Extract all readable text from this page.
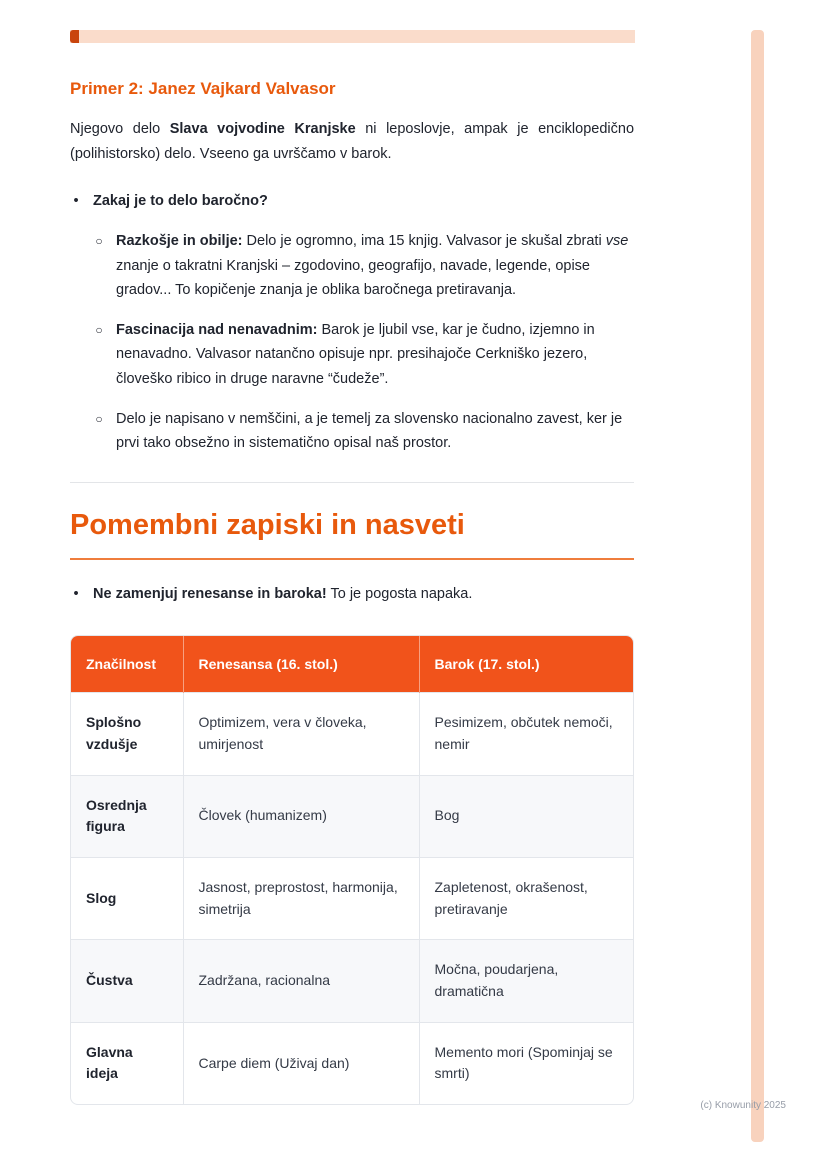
Primer 2: Janez Vajkard Valvasor

Njegovo delo Slava vojvodine Kranjske ni leposlovje, ampak je enciklopedično (polihistorsko) delo. Vseeno ga uvrščamo v barok.

• Zakaj je to delo baročno?
○ Razkošje in obilje: Delo je ogromno, ima 15 knjig. Valvasor je skušal zbrati vse znanje o takratni Kranjski – zgodovino, geografijo, navade, legende, opise gradov... To kopičenje znanja je oblika baročnega pretiravanja.
○ Fascinacija nad nenavadnim: Barok je ljubil vse, kar je čudno, izjemno in nenavadno. Valvasor natančno opisuje npr. presihajoče Cerkniško jezero, človeško ribico in druge naravne “čudeže”.
○ Delo je napisano v nemščini, a je temelj za slovensko nacionalno zavest, ker je prvi tako obsežno in sistematično opisal naš prostor.
Pomembni zapiski in nasveti
• Ne zamenjuj renesanse in baroka! To je pogosta napaka.
Značilnost	Renesansa (16. stol.)	Barok (17. stol.)
Splošno vzdušje	Optimizem, vera v človeka, umirjenost	Pesimizem, občutek nemoči, nemir
Osrednja figura	Človek (humanizem)	Bog
Slog	Jasnost, preprostost, harmonija, simetrija	Zapletenost, okrašenost, pretiravanje
Čustva	Zadržana, racionalna	Močna, poudarjena, dramatična
Glavna ideja	Carpe diem (Uživaj dan)	Memento mori (Spominjaj se smrti)
(c) Knowunity 2025
